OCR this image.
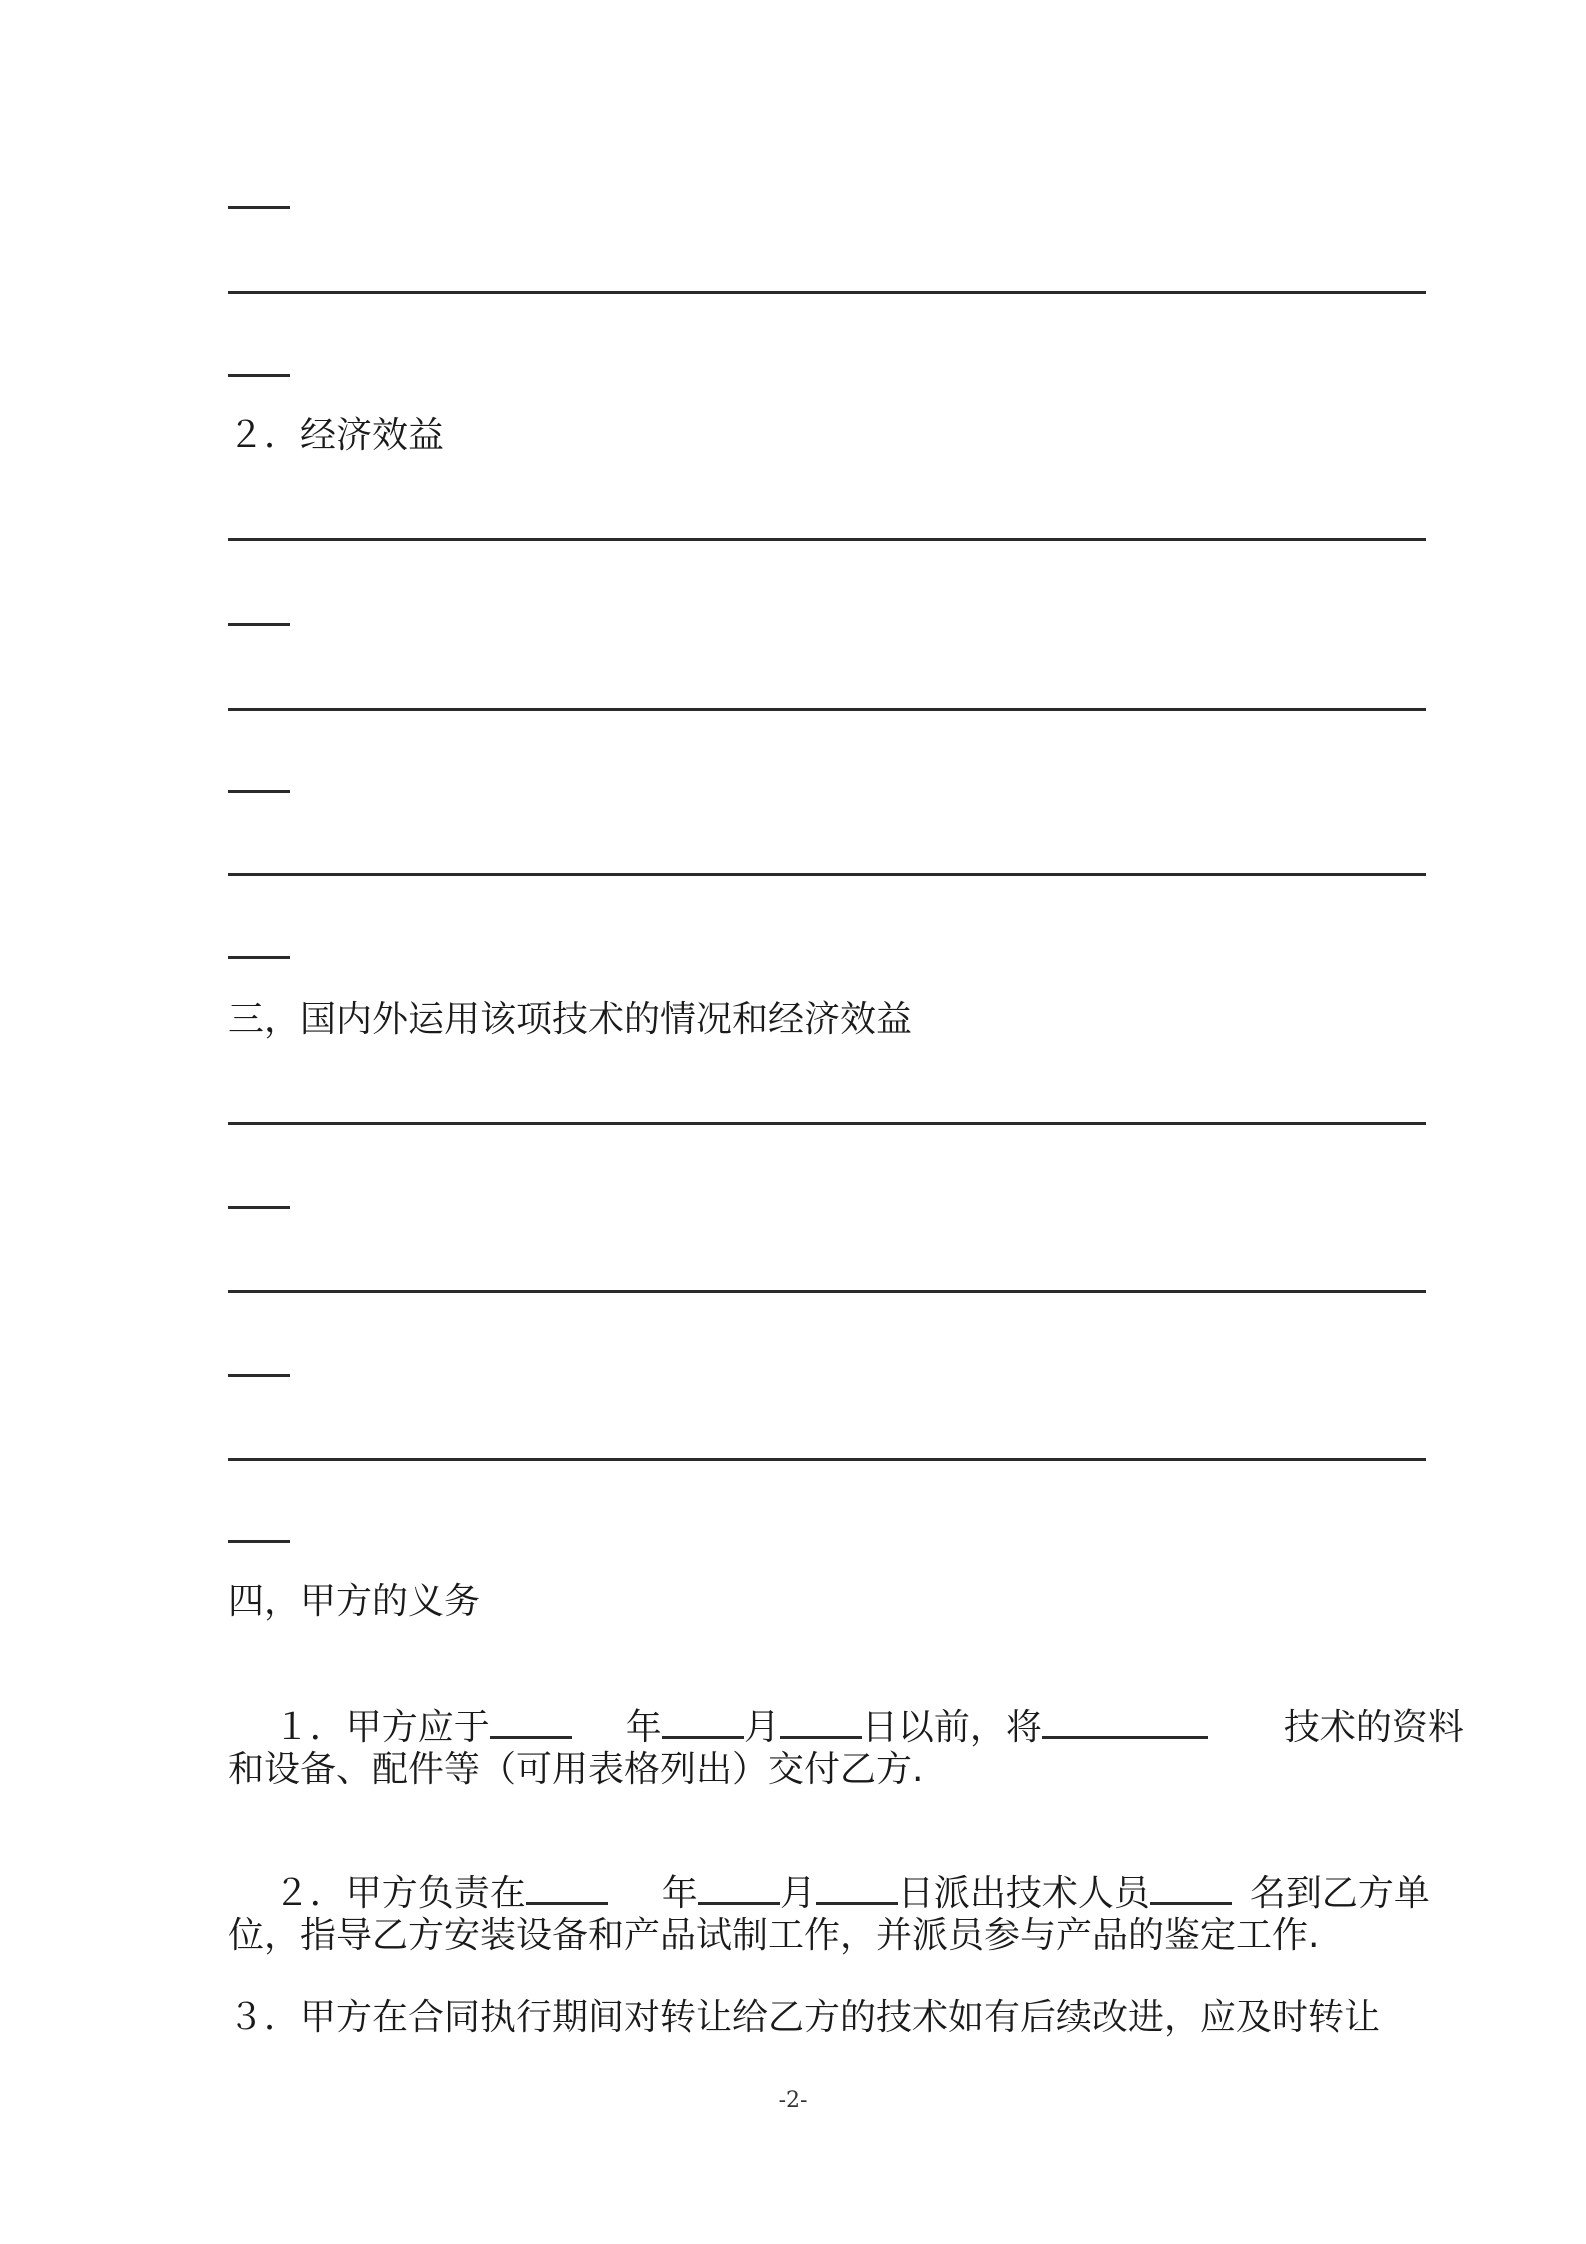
２．经济效益
三，国内外运用该项技术的情况和经济效益
四，甲方的义务

１．甲方应于	年 月 日以前，将	技术的资料

和设备、配件等（可用表格列出）交付乙方.

２．甲方负责在	年 月 日派出技术人员	名到乙方单

位，指导乙方安装设备和产品试制工作，并派员参与产品的鉴定工作.
３．甲方在合同执行期间对转让给乙方的技术如有后续改进，应及时转让
-2-
